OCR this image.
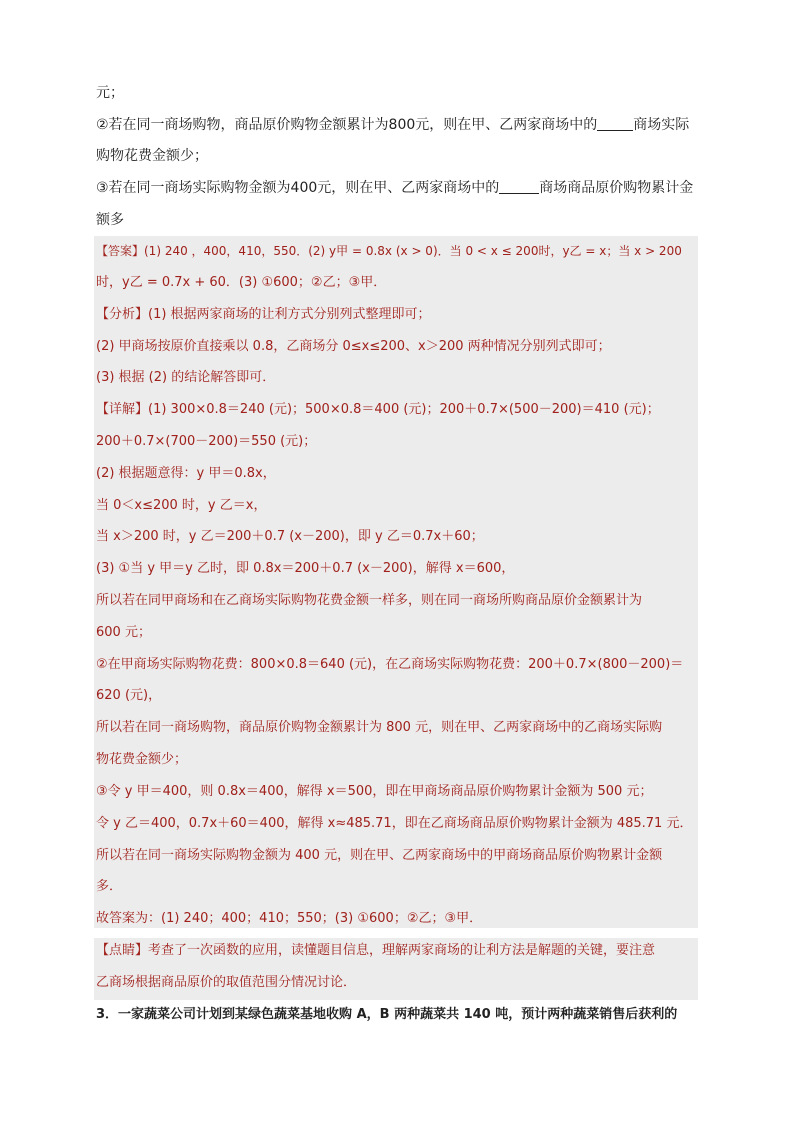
元；
②若在同一商场购物，商品原价购物金额累计为800元，则在甲、乙两家商场中的	商场实际
购物花费金额少；
③若在同一商场实际购物金额为400元，则在甲、乙两家商场中的	商场商品原价购物累计金
额多
【答案】(1) 240 ，400，410，550．(2) y甲 = 0.8x (x > 0)．当 0 < x ≤ 200时，y乙 = x；当 x > 200
时，y乙 = 0.7x + 60．(3) ①600；②乙；③甲．
【分析】(1) 根据两家商场的让利方式分别列式整理即可；
(2) 甲商场按原价直接乘以 0.8，乙商场分 0≤x≤200、x＞200 两种情况分别列式即可；
(3) 根据 (2) 的结论解答即可．
【详解】(1) 300×0.8＝240 (元)；500×0.8＝400 (元)；200＋0.7×(500－200)＝410 (元)；
200＋0.7×(700－200)＝550 (元)；
(2) 根据题意得：y 甲＝0.8x，
当 0＜x≤200 时，y 乙＝x，
当 x＞200 时，y 乙＝200＋0.7 (x－200)，即 y 乙＝0.7x＋60；
(3) ①当 y 甲＝y 乙时，即 0.8x＝200＋0.7 (x－200)，解得 x＝600，
所以若在同甲商场和在乙商场实际购物花费金额一样多，则在同一商场所购商品原价金额累计为
600 元；
②在甲商场实际购物花费：800×0.8＝640 (元)，在乙商场实际购物花费：200＋0.7×(800－200)＝
620 (元)，
所以若在同一商场购物，商品原价购物金额累计为 800 元，则在甲、乙两家商场中的乙商场实际购
物花费金额少；
③令 y 甲＝400，则 0.8x＝400，解得 x＝500，即在甲商场商品原价购物累计金额为 500 元；
令 y 乙＝400，0.7x＋60＝400，解得 x≈485.71，即在乙商场商品原价购物累计金额为 485.71 元．
所以若在同一商场实际购物金额为 400 元，则在甲、乙两家商场中的甲商场商品原价购物累计金额
多．
故答案为：(1) 240；400；410；550；(3) ①600；②乙；③甲．
【点睛】考查了一次函数的应用，读懂题目信息，理解两家商场的让利方法是解题的关键，要注意
乙商场根据商品原价的取值范围分情况讨论．
3．一家蔬菜公司计划到某绿色蔬菜基地收购 A，B 两种蔬菜共 140 吨，预计两种蔬菜销售后获利的
